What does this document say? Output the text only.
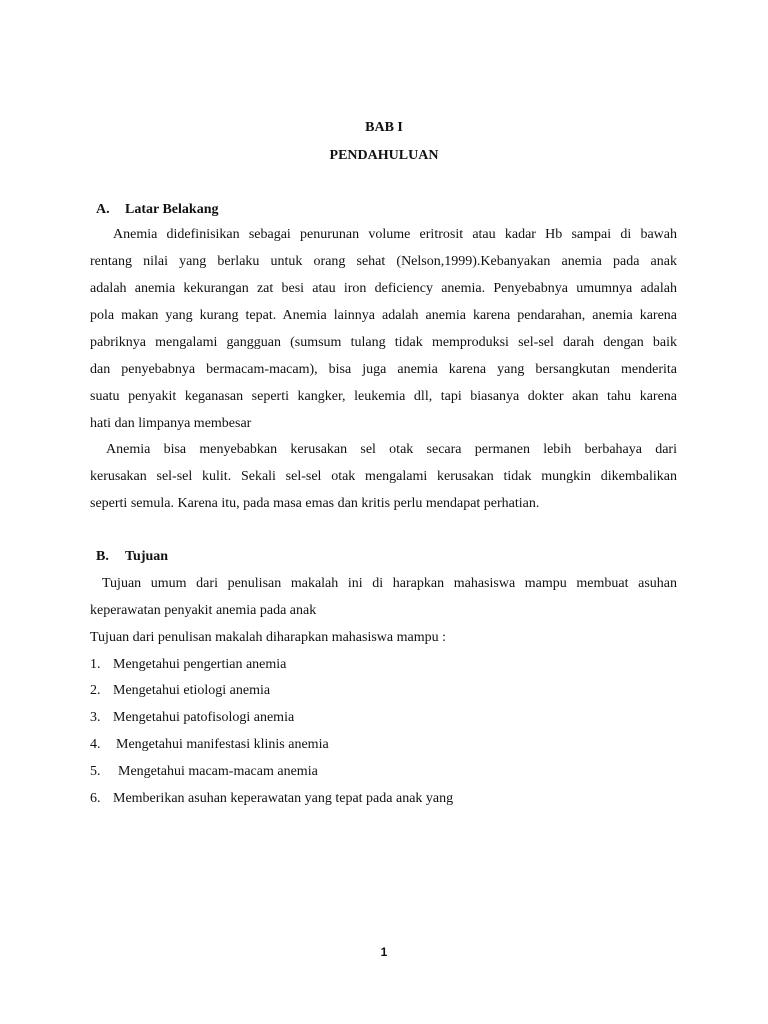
BAB I
PENDAHULUAN
A. Latar Belakang
Anemia didefinisikan sebagai penurunan volume eritrosit atau kadar Hb sampai di bawah
rentang nilai yang berlaku untuk orang sehat (Nelson,1999).Kebanyakan anemia pada anak
adalah anemia kekurangan zat besi atau iron deficiency anemia. Penyebabnya umumnya adalah
pola makan yang kurang tepat. Anemia lainnya adalah anemia karena pendarahan, anemia karena
pabriknya mengalami gangguan (sumsum tulang tidak memproduksi sel-sel darah dengan baik
dan penyebabnya bermacam-macam), bisa juga anemia karena yang bersangkutan menderita
suatu penyakit keganasan seperti kangker, leukemia dll, tapi biasanya dokter akan tahu karena
hati dan limpanya membesar
Anemia bisa menyebabkan kerusakan sel otak secara permanen lebih berbahaya dari
kerusakan sel-sel kulit. Sekali sel-sel otak mengalami kerusakan tidak mungkin dikembalikan
seperti semula. Karena itu, pada masa emas dan kritis perlu mendapat perhatian.
B. Tujuan
Tujuan umum dari penulisan makalah ini di harapkan mahasiswa mampu membuat asuhan
keperawatan penyakit anemia pada anak
Tujuan dari penulisan makalah diharapkan mahasiswa mampu :
1. Mengetahui pengertian anemia
2. Mengetahui etiologi anemia
3. Mengetahui patofisologi anemia
4. Mengetahui manifestasi klinis anemia
5. Mengetahui macam-macam anemia
6. Memberikan asuhan keperawatan yang tepat pada anak yang
1
